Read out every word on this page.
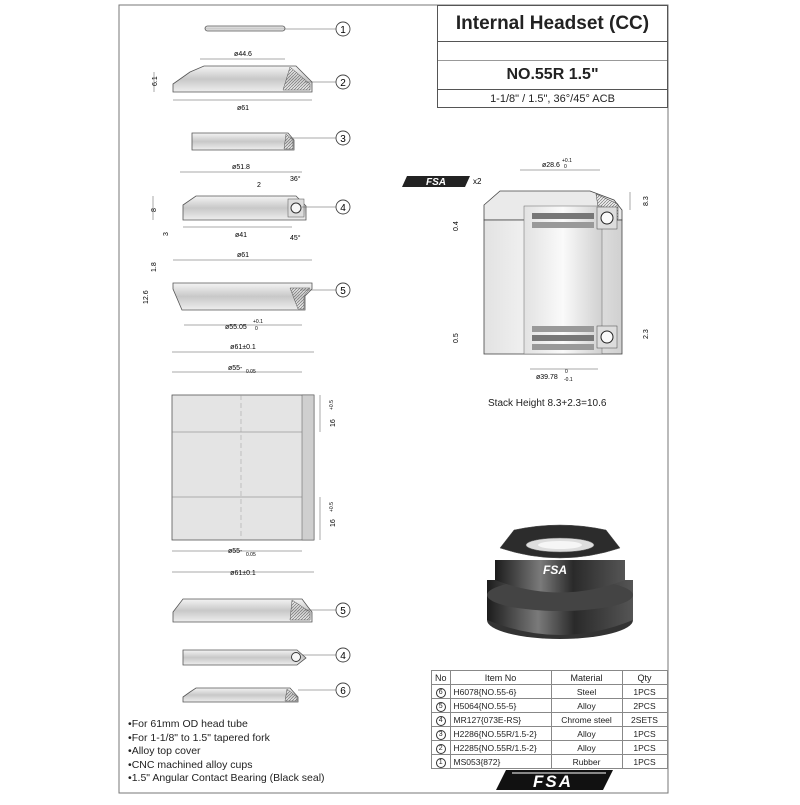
1
ø44.6
6.1
ø61
2
3
ø51.8
36°
2
8
3	ø41	45°
4
ø61
1.8
12.6
ø55.05
+0.1
0
5
ø61±0.1
ø55- 0.05
16
+0.5
16
+0.5
ø55- 0.05
ø61±0.1
5
4
6
ø28.6
+0.1
0
FSA	x2
8.3
0.4
0.5	2.3
ø39.78
0
-0.1
FSA
FSA
Internal Headset (CC)
NO.55R 1.5"
1-1/8" / 1.5", 36°/45° ACB
Stack Height 8.3+2.3=10.6
No	Item No	Material	Qty
6	H6078{NO.55-6}	Steel	1PCS
5	H5064{NO.55-5}	Alloy	2PCS
4	MR127{073E-RS}	Chrome steel	2SETS
3	H2286{NO.55R/1.5-2}	Alloy	1PCS
2	H2285{NO.55R/1.5-2}	Alloy	1PCS
1	MS053{872}	Rubber	1PCS
• For 61mm OD head tube
• For 1-1/8" to 1.5" tapered fork
• Alloy top cover
• CNC machined alloy cups
• 1.5" Angular Contact Bearing (Black seal)
